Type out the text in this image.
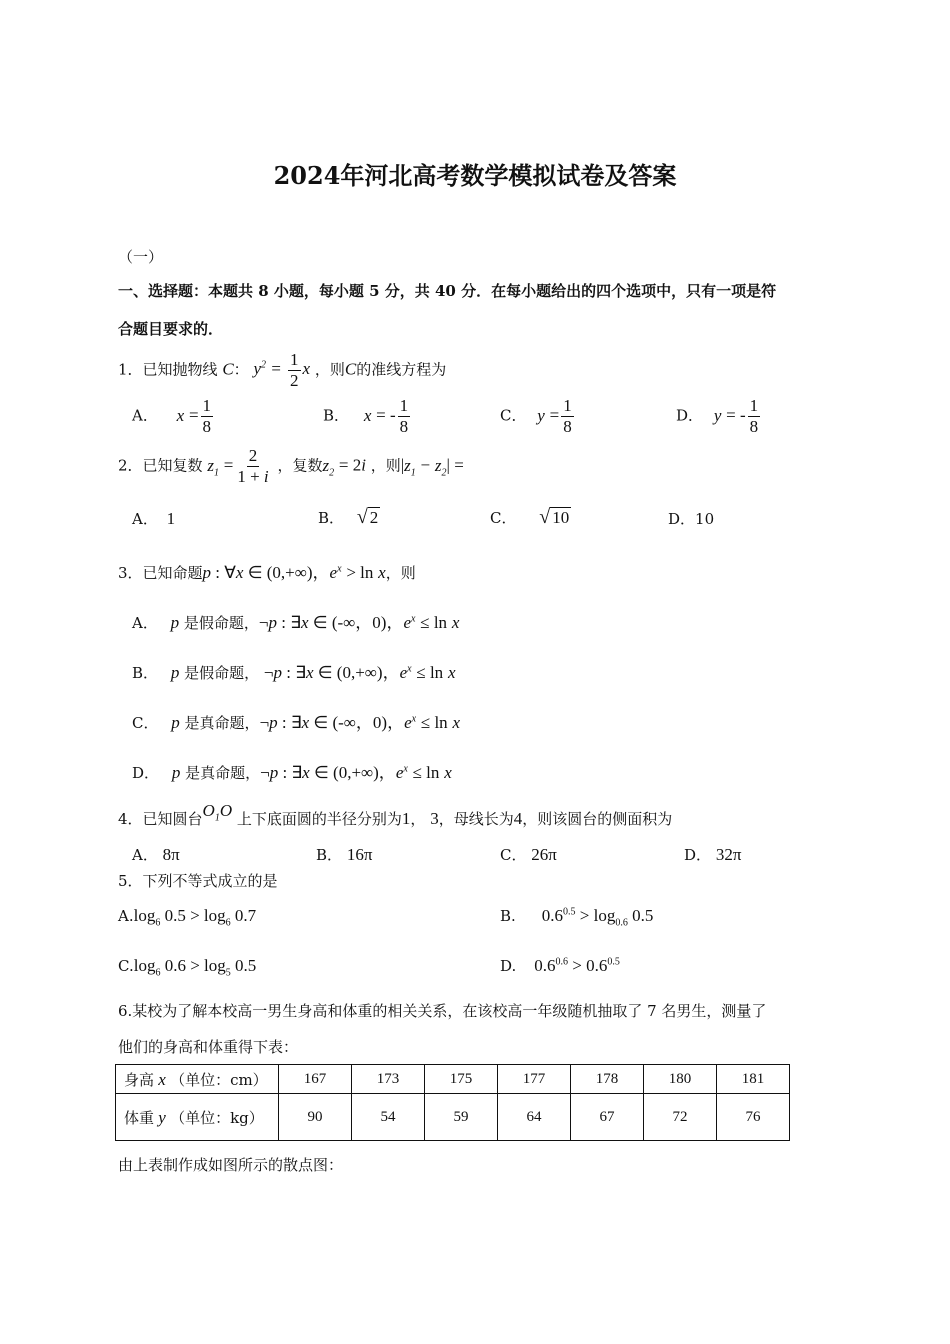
2024年河北高考数学模拟试卷及答案
（一）
一、选择题：本题共 8 小题，每小题 5 分，共 40 分．在每小题给出的四个选项中，只有一项是符
合题目要求的．
1．已知抛物线 C： $y^2 = \frac{1}{2}$ x ，则C的准线方程为
A． $x = \frac{1}{8}$	B． x = - $\frac{1}{8}$	C． $y = \frac{1}{8}$	D． y = - $\frac{1}{8}$
2．已知复数 $z_1 = \frac{2}{1 + i}$ ，复数$z_2 = 2i$ ，则$|z_1 - z_2|$ =
A． 1	B． √ 2	C． √ 10	D．10
3．已知命题p : ∀x ∈ (0,+∞)，$e^x > \ln x$，则
A． p 是假命题，¬p : ∃x ∈ (-∞，0)，$e^x \le \ln x$
B． p 是假命题， ¬p : ∃x ∈ (0,+∞)，$e^x \le \ln x$
C． p 是真命题，¬p : ∃x ∈ (-∞，0)，$e^x \le \ln x$
D． p 是真命题，¬p : ∃x ∈ (0,+∞)，$e^x \le \ln x$
4．已知圆台$O_1O$ 上下底面圆的半径分别为1， 3，母线长为4，则该圆台的侧面积为
A． 8π	B． 16π	C． 26π	D． 32π
5．下列不等式成立的是
$A.\log_6$ $0.5 > \log_6 0.7$	B. $0.6^{0.5} > \log_{0.6} 0.5$
$C.\log_6$ $0.6 > \log_5 0.5$	D. $0.6^{0.6} > 0.6^{0.5}$
6.某校为了解本校高一男生身高和体重的相关关系，在该校高一年级随机抽取了 7 名男生，测量了
他们的身高和体重得下表：
身高 x （单位：cm）	167	173	175	177	178	180	181
体重 y （单位：kg）	90	54	59	64	67	72	76
由上表制作成如图所示的散点图：
